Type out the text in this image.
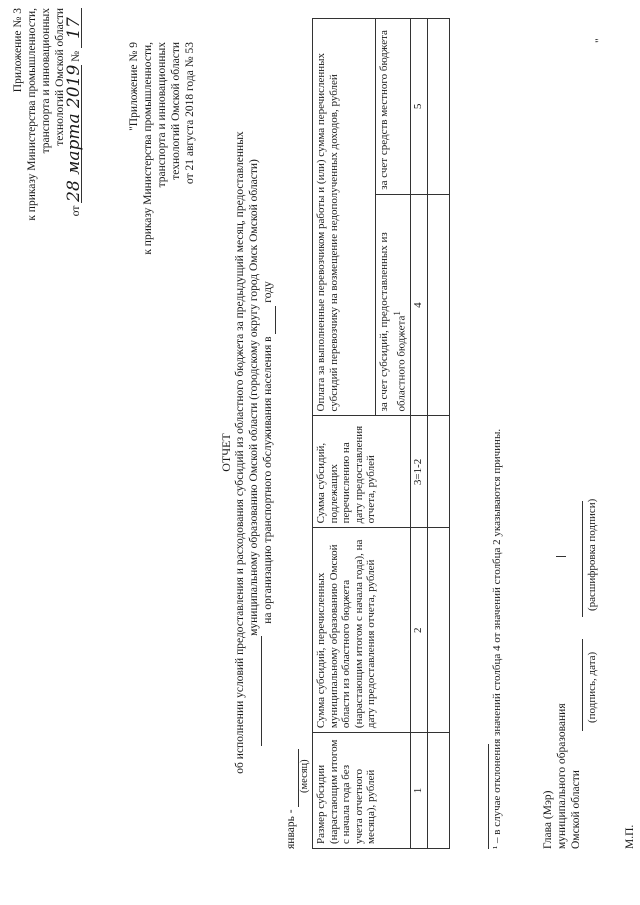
Приложение № 3 к приказу Министерства промышленности, транспорта и инновационных технологий Омской области
от 28 марта 2019 № 17
"Приложение № 9 к приказу Министерства промышленности, транспорта и инновационных технологий Омской области от 21 августа 2018 года № 53
ОТЧЕТ об исполнении условий предоставления и расходования субсидий из областного бюджета за предыдущий месяц, предоставленных муниципальному образованию Омской области (городскому округу город Омск Омской области) на организацию транспортного обслуживания населения в   году
январь -
(месяц) Размер субсидии (нарастающим итогом с начала года без учета отчетного месяца), рублей	Сумма субсидий, перечисленных муниципальному образованию Омской области из областного бюджета (нарастающим итогом с начала года), на дату предоставления отчета, рублей	Сумма субсидий, подлежащих перечислению на дату предоставления отчета, рублей	Оплата за выполненные перевозчиком работы и (или) сумма перечисленных субсидий перевозчику на возмещение недополученных доходов, рублей	
			за счет субсидий, предоставленных из областного бюджета$^1$	за счет средств местного бюджета
1	2	3=1-2	4	5

¹ – в случае отклонения значений столбца 4 от значений столбца 2 указываются причины.	Глава (Мэр) муниципального образования Омской области
(подпись, дата)
(расшифровка подписи)
М.П.
"
